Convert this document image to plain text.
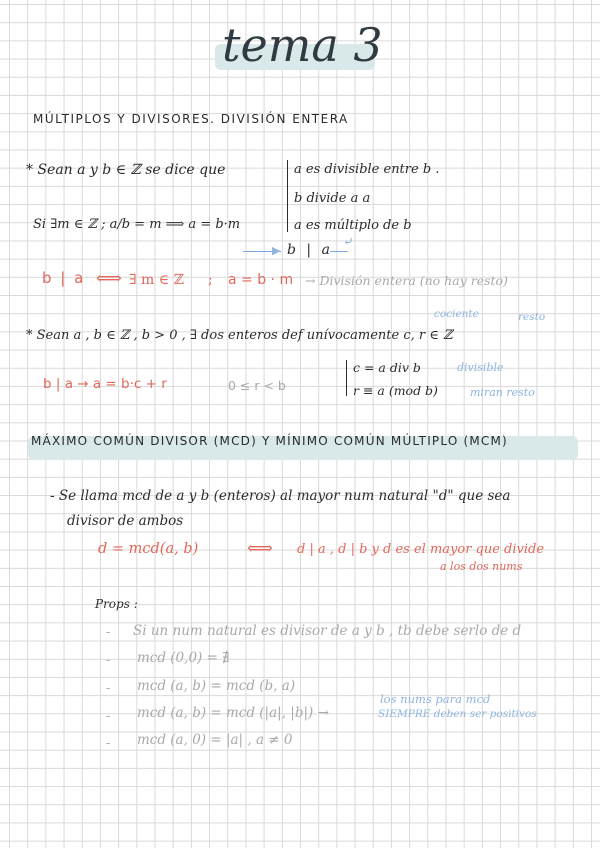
tema 3
MÚLTIPLOS Y DIVISORES. DIVISIÓN ENTERA
* Sean a y b ∈ ℤ se dice que	a es divisible entre b .
b divide a a
a es múltiplo de b
Si ∃m ∈ ℤ ; a/b = m ⟹ a = b·m
▶ b | a ⤶
b | a ⟺ ∃ m ∈ ℤ ; a = b · m → División entera (no hay resto)
cociente	resto
* Sean a , b ∈ ℤ , b > 0 , ∃ dos enteros def unívocamente c, r ∈ ℤ
b | a → a = b·c + r	0 ≤ r < b
c = a div b	divisible
r ≡ a (mod b)	miran resto
MÁXIMO COMÚN DIVISOR (MCD) Y MÍNIMO COMÚN MÚLTIPLO (MCM)
- Se llama mcd de a y b (enteros) al mayor num natural "d" que sea
divisor de ambos
d = mcd(a, b)	⟺ d | a , d | b y d es el mayor que divide
a los dos nums
Props :
- Si un num natural es divisor de a y b , tb debe serlo de d
- mcd (0,0) = ∄
- mcd (a, b) = mcd (b, a)
- mcd (a, b) = mcd (|a|, |b|) →
los nums para mcd
SIEMPRE deben ser positivos
- mcd (a, 0) = |a| , a ≠ 0
